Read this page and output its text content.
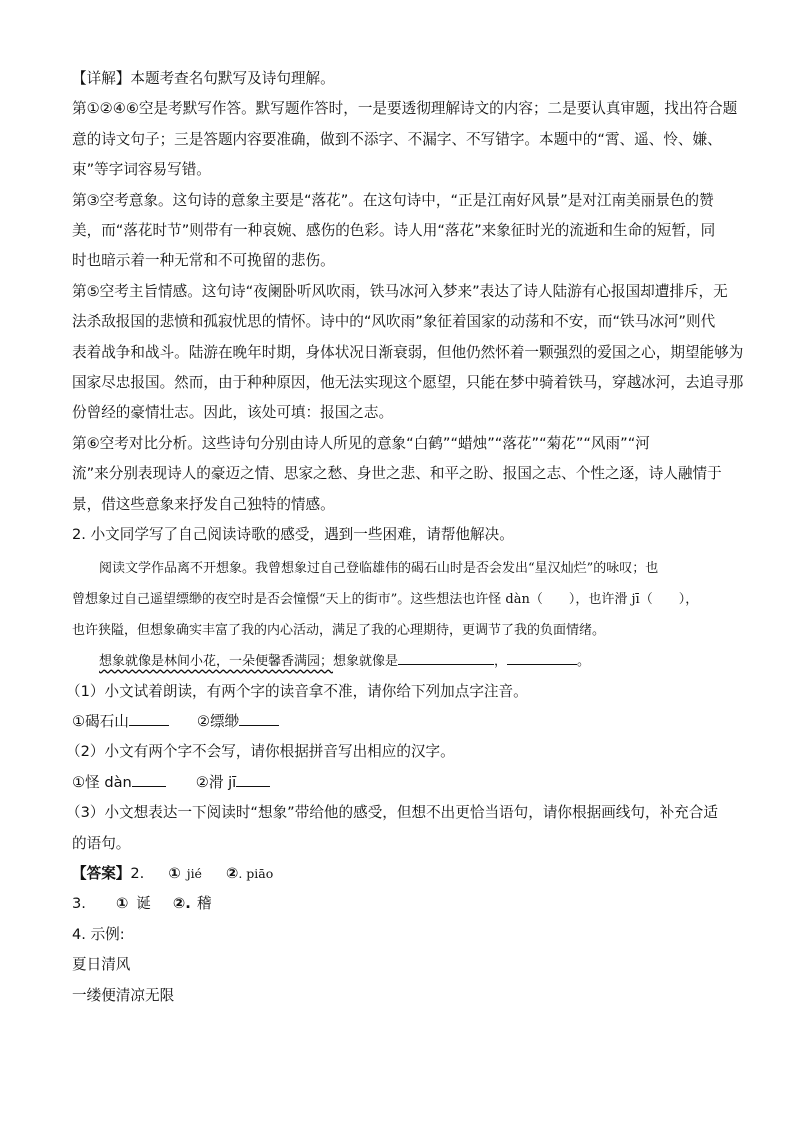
【详解】本题考查名句默写及诗句理解。

第①②④⑥空是考默写作答。默写题作答时，一是要透彻理解诗文的内容；二是要认真审题，找出符合题

意的诗文句子；三是答题内容要准确，做到不添字、不漏字、不写错字。本题中的“霄、遥、怜、嫌、

束”等字词容易写错。

第③空考意象。这句诗的意象主要是“落花”。在这句诗中，“正是江南好风景”是对江南美丽景色的赞

美，而“落花时节”则带有一种哀婉、感伤的色彩。诗人用“落花”来象征时光的流逝和生命的短暂，同

时也暗示着一种无常和不可挽留的悲伤。

第⑤空考主旨情感。这句诗“夜阑卧听风吹雨，铁马冰河入梦来”表达了诗人陆游有心报国却遭排斥，无

法杀敌报国的悲愤和孤寂忧思的情怀。诗中的“风吹雨”象征着国家的动荡和不安，而“铁马冰河”则代

表着战争和战斗。陆游在晚年时期，身体状况日渐衰弱，但他仍然怀着一颗强烈的爱国之心，期望能够为

国家尽忠报国。然而，由于种种原因，他无法实现这个愿望，只能在梦中骑着铁马，穿越冰河，去追寻那

份曾经的豪情壮志。因此，该处可填：报国之志。

第⑥空考对比分析。这些诗句分别由诗人所见的意象“白鹤”“蜡烛”“落花”“菊花”“风雨”“河

流”来分别表现诗人的豪迈之情、思家之愁、身世之悲、和平之盼、报国之志、个性之逐，诗人融情于

景，借这些意象来抒发自己独特的情感。

2. 小文同学写了自己阅读诗歌的感受，遇到一些困难，请帮他解决。

阅读文学作品离不开想象。我曾想象过自己登临雄伟的碣石山时是否会发出“星汉灿烂”的咏叹；也

曾想象过自己遥望缥缈的夜空时是否会憧憬“天上的街市”。这些想法也许怪 dàn（ ），也许滑 jī（ ），

也许狭隘，但想象确实丰富了我的内心活动，满足了我的心理期待，更调节了我的负面情绪。

想象就像是林间小花，一朵便馨香满园；想象就像是	，	。

（1）小文试着朗读，有两个字的读音拿不准，请你给下列加点字注音。

①碣石山	②缥缈

（2）小文有两个字不会写，请你根据拼音写出相应的汉字。

①怪 dàn	②滑 jī

（3）小文想表达一下阅读时“想象”带给他的感受，但想不出更恰当语句，请你根据画线句，补充合适

的语句。

【答案】2. ① jié ②. piāo

3. ① 诞 ②. 稽

4. 示例:

夏日清风

一缕便清凉无限
